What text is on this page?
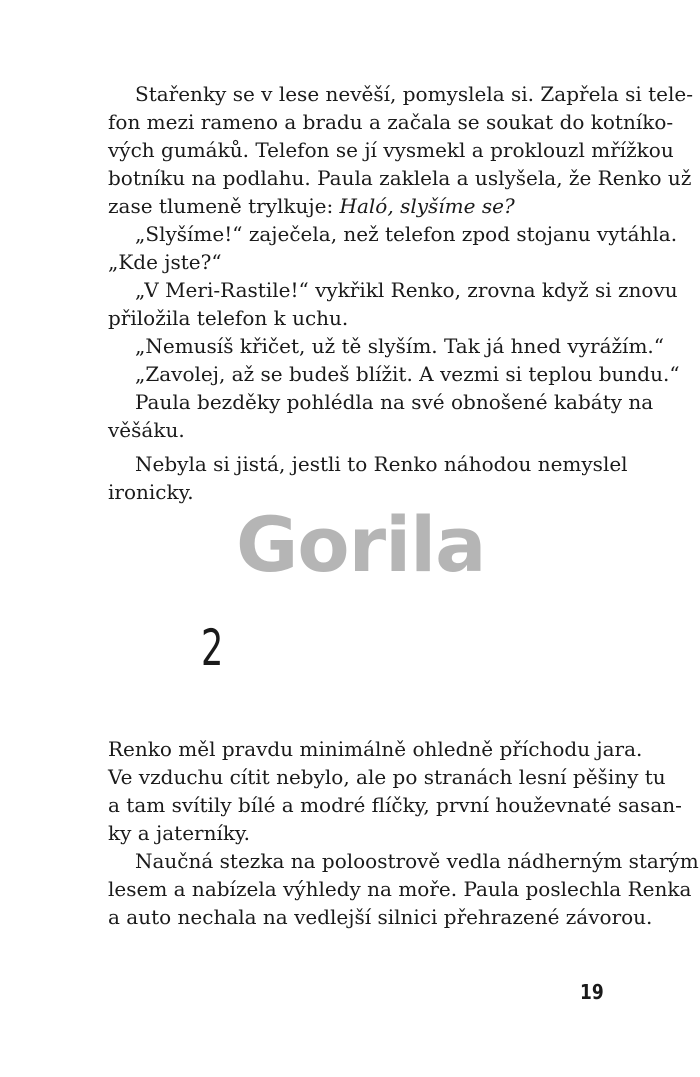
Stařenky se v lese nevěší, pomyslela si. Zapřela si tele-
fon mezi rameno a bradu a začala se soukat do kotníko-
vých gumáků. Telefon se jí vysmekl a proklouzl mřížkou
botníku na podlahu. Paula zaklela a uslyšela, že Renko už
zase tlumeně trylkuje: Haló, slyšíme se?
„Slyšíme!“ zaječela, než telefon zpod stojanu vytáhla.
„Kde jste?“
„V Meri-Rastile!“ vykřikl Renko, zrovna když si znovu
přiložila telefon k uchu.
„Nemusíš křičet, už tě slyším. Tak já hned vyrážím.“
„Zavolej, až se budeš blížit. A vezmi si teplou bundu.“
Paula bezděky pohlédla na své obnošené kabáty na
věšáku.
Nebyla si jistá, jestli to Renko náhodou nemyslel
ironicky.
Gorila
2
Renko měl pravdu minimálně ohledně příchodu jara.
Ve vzduchu cítit nebylo, ale po stranách lesní pěšiny tu
a tam svítily bílé a modré flíčky, první houževnaté sasan-
ky a jaterníky.
Naučná stezka na poloostrově vedla nádherným starým
lesem a nabízela výhledy na moře. Paula poslechla Renka
a auto nechala na vedlejší silnici přehrazené závorou.
19
